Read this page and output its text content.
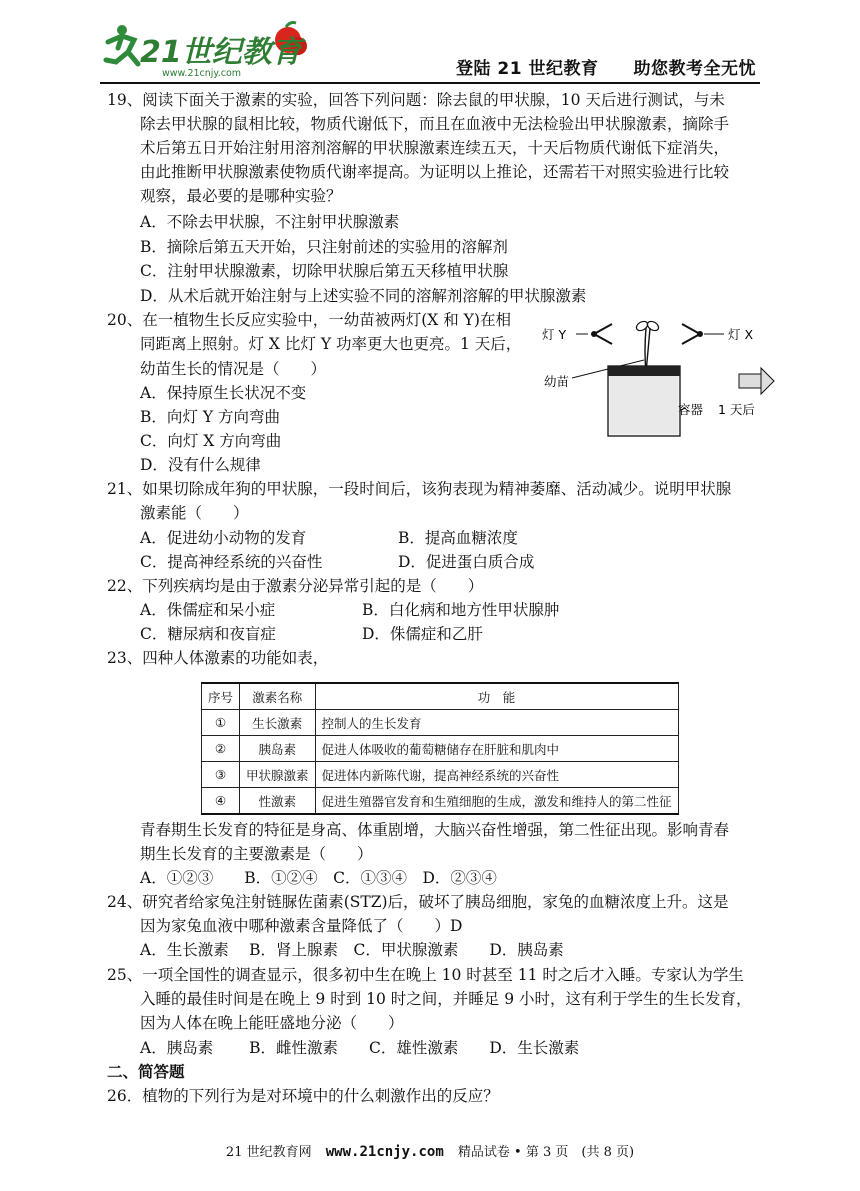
21世纪教育
www.21cnjy.com	登陆 21 世纪教育　　助您教考全无忧
19、阅读下面关于激素的实验，回答下列问题：除去鼠的甲状腺，10 天后进行测试，与未
除去甲状腺的鼠相比较，物质代谢低下，而且在血液中无法检验出甲状腺激素，摘除手
术后第五日开始注射用溶剂溶解的甲状腺激素连续五天，十天后物质代谢低下症消失，
由此推断甲状腺激素使物质代谢率提高。为证明以上推论，还需若干对照实验进行比较
观察，最必要的是哪种实验？
A．不除去甲状腺，不注射甲状腺激素
B．摘除后第五天开始，只注射前述的实验用的溶解剂
C．注射甲状腺激素，切除甲状腺后第五天移植甲状腺
D．从术后就开始注射与上述实验不同的溶解剂溶解的甲状腺激素
20、在一植物生长反应实验中，一幼苗被两灯(X 和 Y)在相
同距离上照射。灯 X 比灯 Y 功率更大也更亮。1 天后，
幼苗生长的情况是（　　）
A．保持原生长状况不变
B．向灯 Y 方向弯曲
C．向灯 X 方向弯曲
D．没有什么规律
灯 Y	灯 X
幼苗
容器 1 天后
21、如果切除成年狗的甲状腺，一段时间后，该狗表现为精神萎靡、活动减少。说明甲状腺
激素能（　　）
A．促进幼小动物的发育	B．提高血糖浓度
C．提高神经系统的兴奋性	D．促进蛋白质合成
22、下列疾病均是由于激素分泌异常引起的是（　　）
A．侏儒症和呆小症	B．白化病和地方性甲状腺肿
C．糖尿病和夜盲症	D．侏儒症和乙肝
23、四种人体激素的功能如表，
序号	激素名称	功　能
①	生长激素	控制人的生长发育
②	胰岛素	促进人体吸收的葡萄糖储存在肝脏和肌肉中
③	甲状腺激素	促进体内新陈代谢，提高神经系统的兴奋性
④	性激素	促进生殖器官发育和生殖细胞的生成，激发和维持人的第二性征
青春期生长发育的特征是身高、体重剧增，大脑兴奋性增强，第二性征出现。影响青春
期生长发育的主要激素是（　　）
A．①②③　　B．①②④　C．①③④　D．②③④
24、研究者给家兔注射链脲佐菌素(STZ)后，破坏了胰岛细胞，家兔的血糖浓度上升。这是
因为家兔血液中哪种激素含量降低了（　　）D
A．生长激素　 B．肾上腺素　C．甲状腺激素　　D．胰岛素
25、一项全国性的调查显示，很多初中生在晚上 10 时甚至 11 时之后才入睡。专家认为学生
入睡的最佳时间是在晚上 9 时到 10 时之间，并睡足 9 小时，这有利于学生的生长发育，
因为人体在晚上能旺盛地分泌（　　）
A．胰岛素　　 B．雌性激素　　C．雄性激素　　D．生长激素
二、简答题
26．植物的下列行为是对环境中的什么刺激作出的反应？
21 世纪教育网 www.21cnjy.com 精品试卷 • 第 3 页　(共 8 页)
